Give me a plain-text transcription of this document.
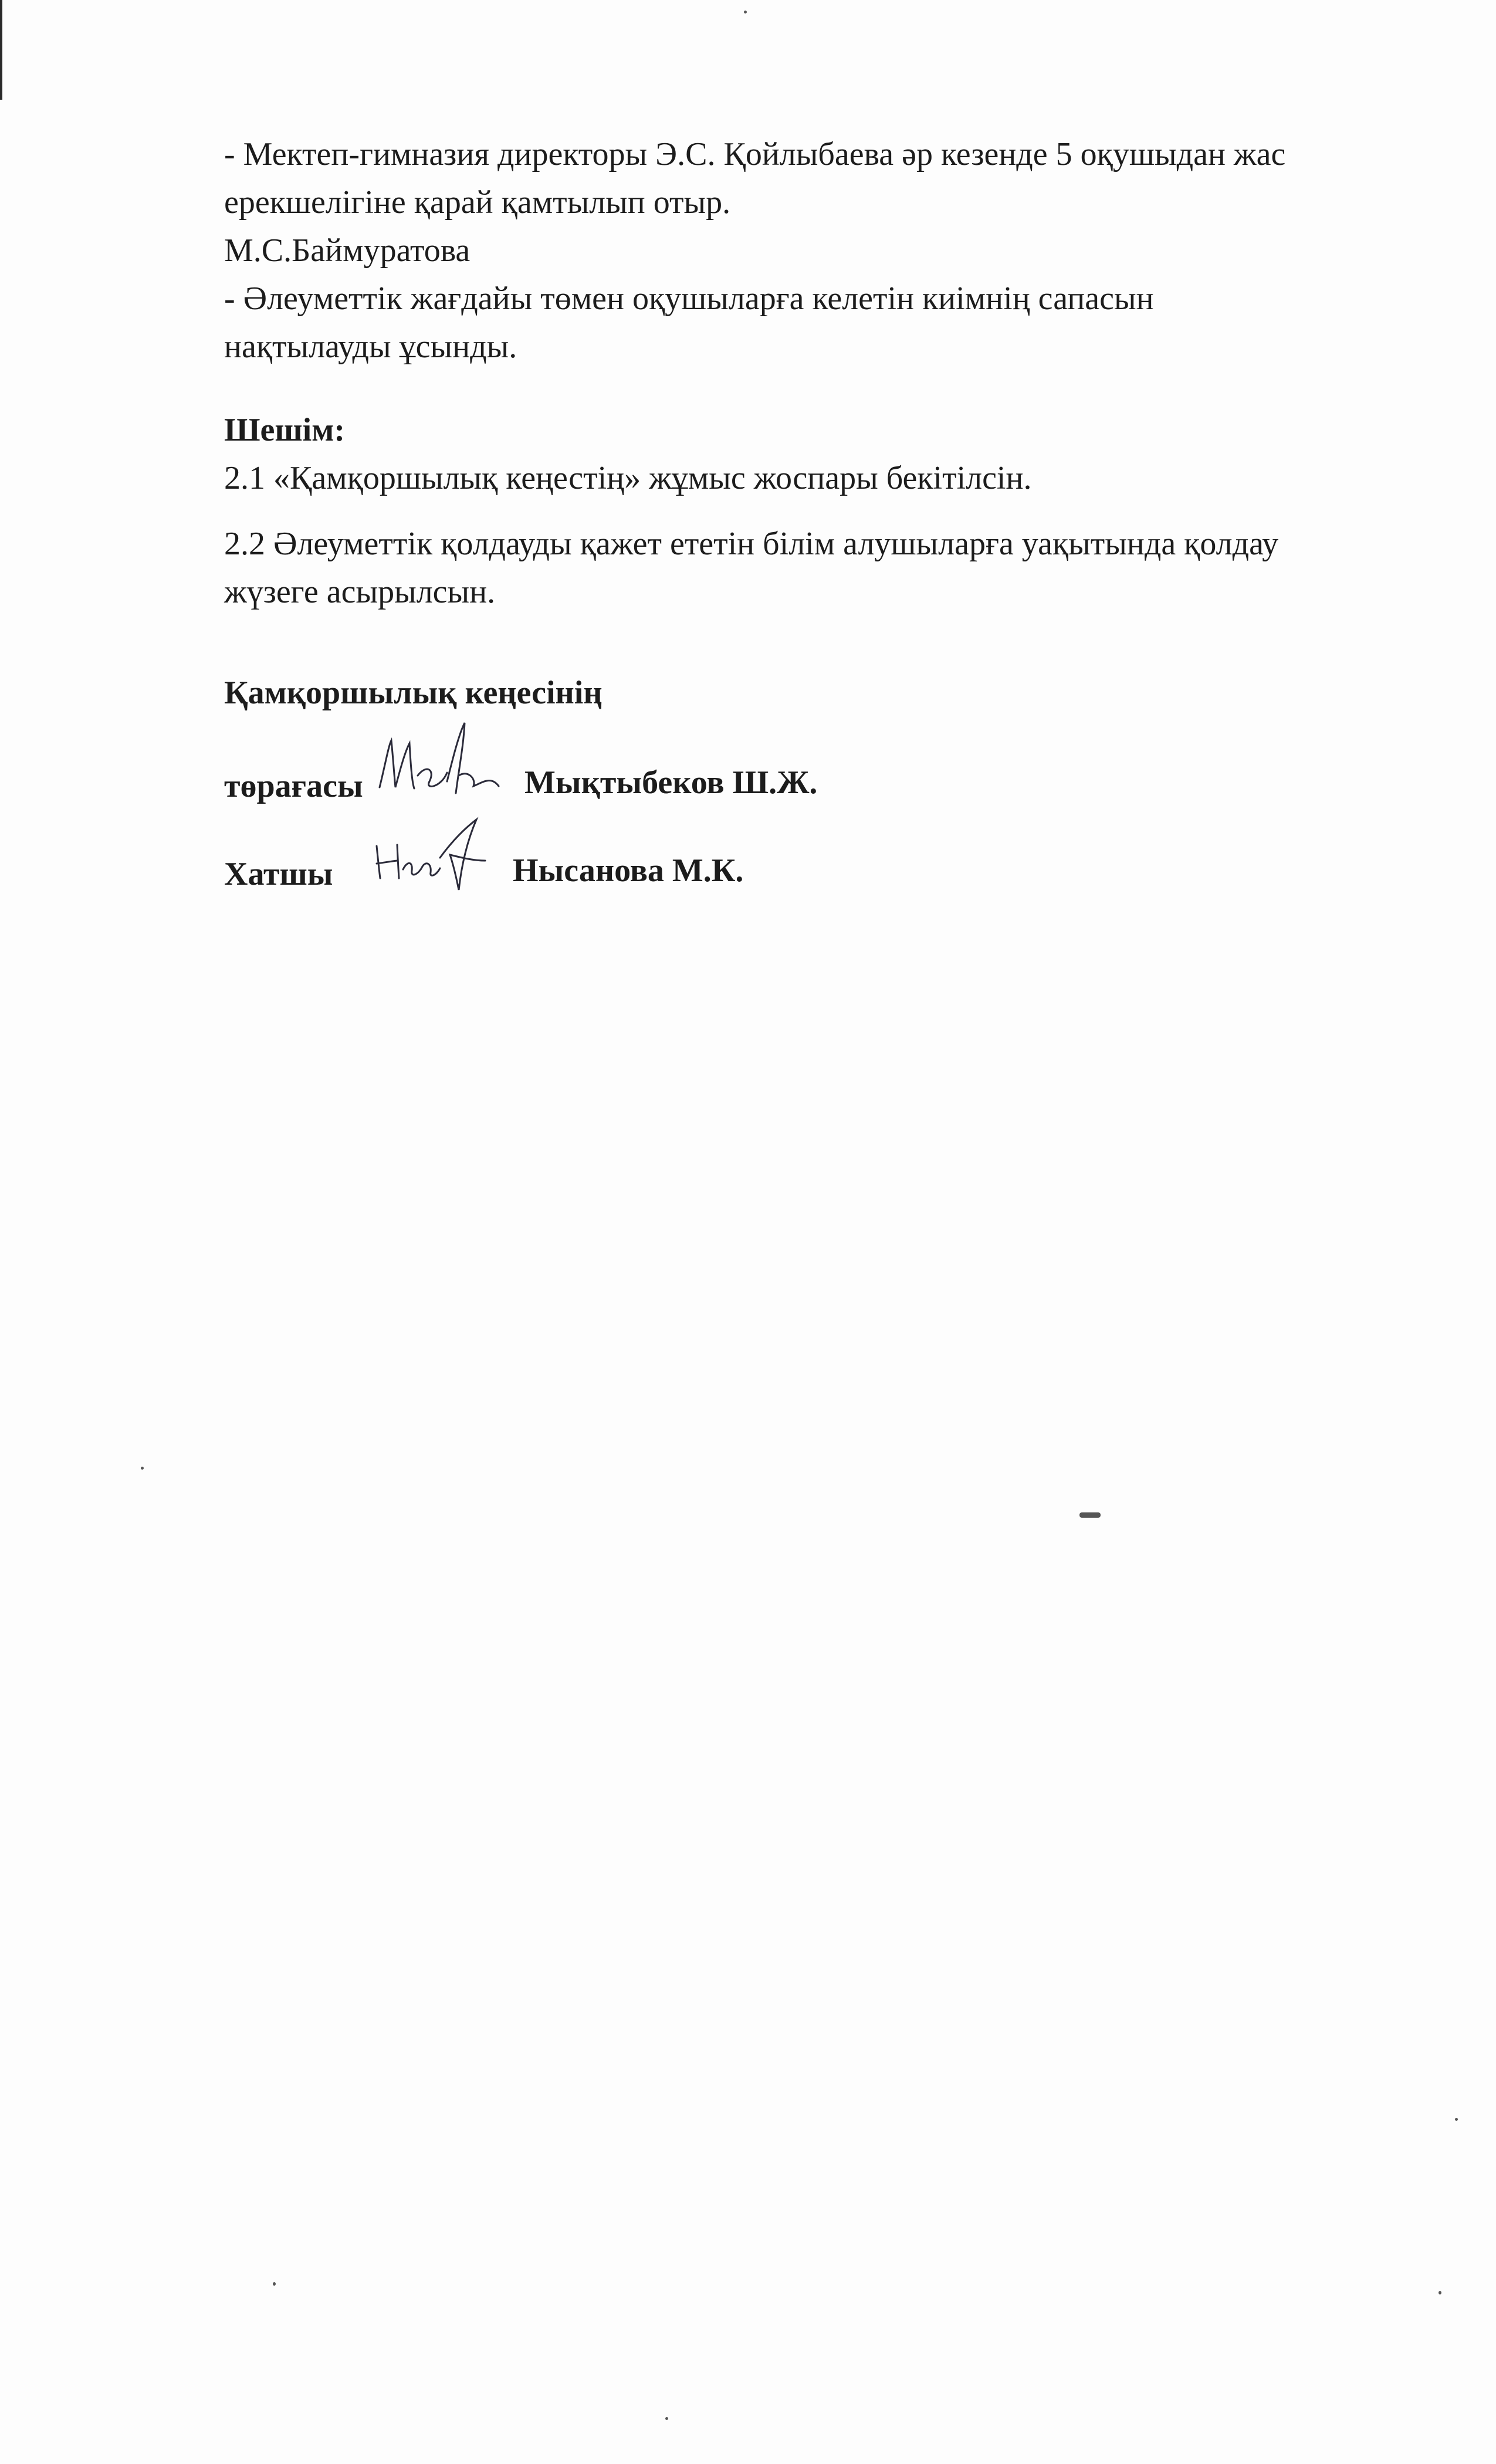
- Мектеп-гимназия директоры Э.С. Қойлыбаева әр кезенде 5 оқушыдан жас
ерекшелігіне қарай қамтылып отыр.
М.С.Баймуратова
- Әлеуметтік жағдайы төмен оқушыларға келетін киімнің сапасын
нақтылауды ұсынды.
Шешім:
2.1 «Қамқоршылық кеңестің» жұмыс жоспары бекітілсін.
2.2 Әлеуметтік қолдауды қажет ететін білім алушыларға уақытында қолдау
жүзеге асырылсын.
Қамқоршылық кеңесінің
төрағасы	Мықтыбеков Ш.Ж.
Хатшы	Нысанова М.К.
